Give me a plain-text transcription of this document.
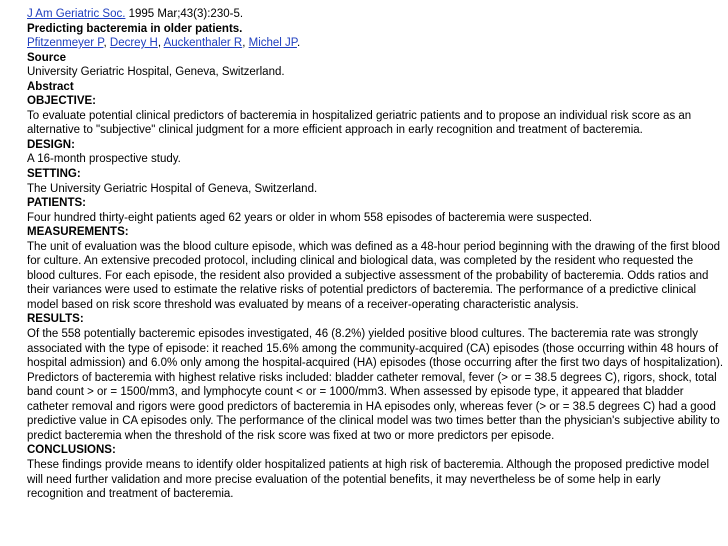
J Am Geriatric Soc. 1995 Mar;43(3):230-5.
Predicting bacteremia in older patients.
Pfitzenmeyer P, Decrey H, Auckenthaler R, Michel JP.
Source
University Geriatric Hospital, Geneva, Switzerland.
Abstract
OBJECTIVE:
To evaluate potential clinical predictors of bacteremia in hospitalized geriatric patients and to propose an individual risk score as an
alternative to "subjective" clinical judgment for a more efficient approach in early recognition and treatment of bacteremia.
DESIGN:
A 16-month prospective study.
SETTING:
The University Geriatric Hospital of Geneva, Switzerland.
PATIENTS:
Four hundred thirty-eight patients aged 62 years or older in whom 558 episodes of bacteremia were suspected.
MEASUREMENTS:
The unit of evaluation was the blood culture episode, which was defined as a 48-hour period beginning with the drawing of the first blood
for culture. An extensive precoded protocol, including clinical and biological data, was completed by the resident who requested the
blood cultures. For each episode, the resident also provided a subjective assessment of the probability of bacteremia. Odds ratios and
their variances were used to estimate the relative risks of potential predictors of bacteremia. The performance of a predictive clinical
model based on risk score threshold was evaluated by means of a receiver-operating characteristic analysis.
RESULTS:
Of the 558 potentially bacteremic episodes investigated, 46 (8.2%) yielded positive blood cultures. The bacteremia rate was strongly
associated with the type of episode: it reached 15.6% among the community-acquired (CA) episodes (those occurring within 48 hours of
hospital admission) and 6.0% only among the hospital-acquired (HA) episodes (those occurring after the first two days of hospitalization).
Predictors of bacteremia with highest relative risks included: bladder catheter removal, fever (> or = 38.5 degrees C), rigors, shock, total
band count > or = 1500/mm3, and lymphocyte count < or = 1000/mm3. When assessed by episode type, it appeared that bladder
catheter removal and rigors were good predictors of bacteremia in HA episodes only, whereas fever (> or = 38.5 degrees C) had a good
predictive value in CA episodes only. The performance of the clinical model was two times better than the physician's subjective ability to
predict bacteremia when the threshold of the risk score was fixed at two or more predictors per episode.
CONCLUSIONS:
These findings provide means to identify older hospitalized patients at high risk of bacteremia. Although the proposed predictive model
will need further validation and more precise evaluation of the potential benefits, it may nevertheless be of some help in early
recognition and treatment of bacteremia.
